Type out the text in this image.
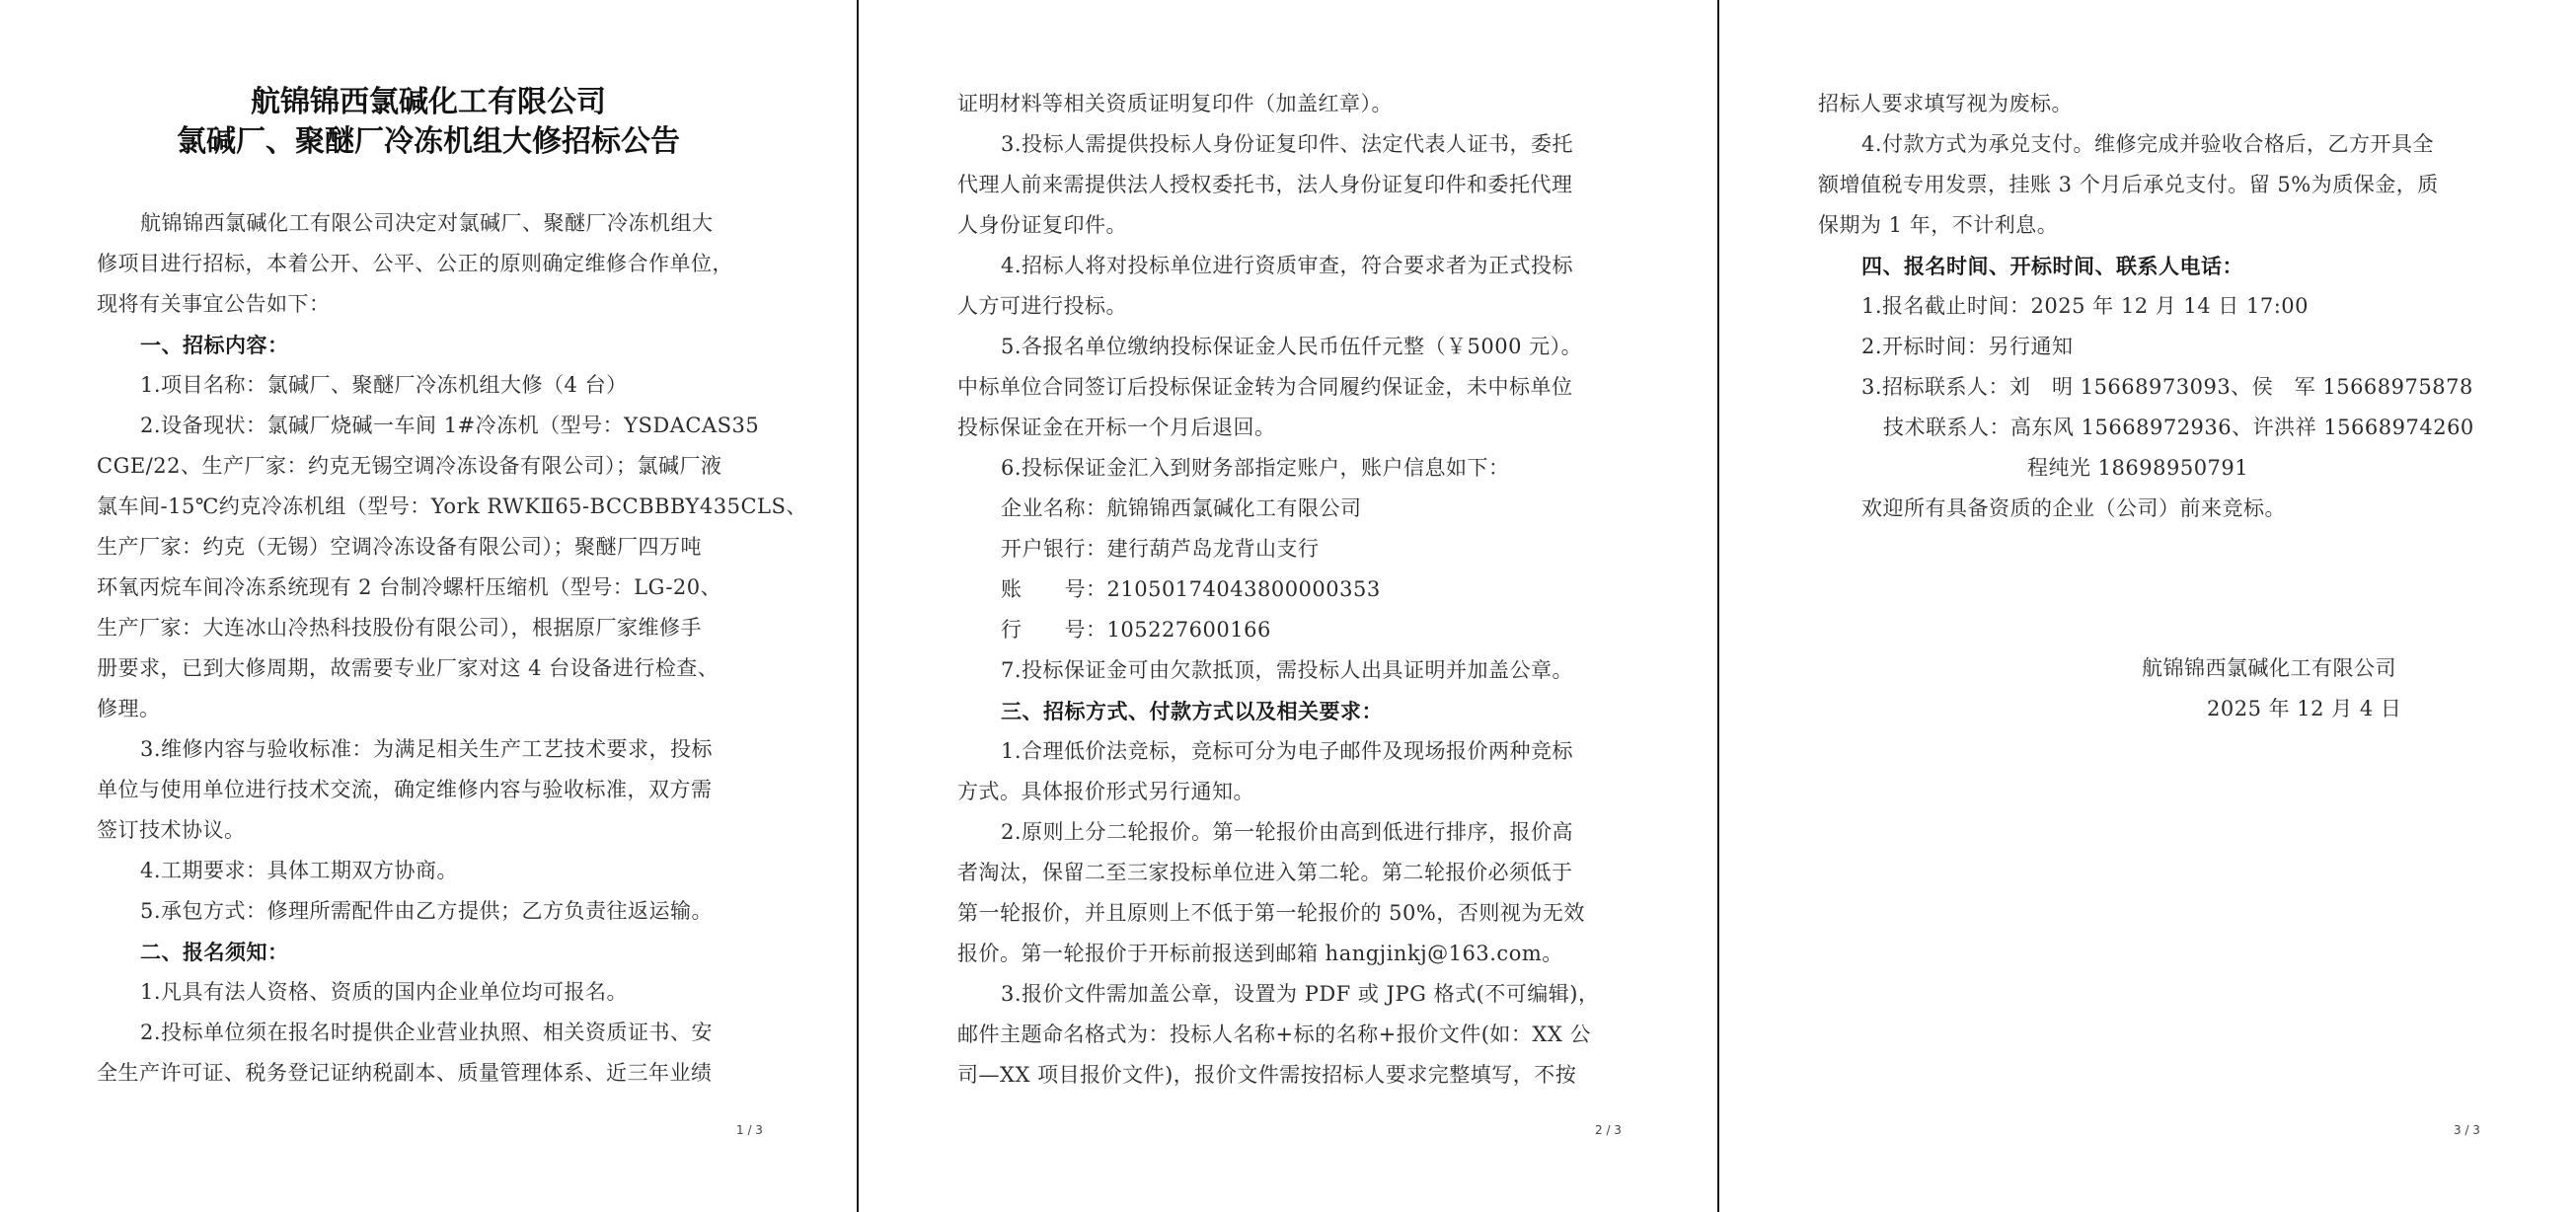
航锦锦西氯碱化工有限公司
氯碱厂、聚醚厂冷冻机组大修招标公告
航锦锦西氯碱化工有限公司决定对氯碱厂、聚醚厂冷冻机组大
修项目进行招标，本着公开、公平、公正的原则确定维修合作单位，
现将有关事宜公告如下：
一、招标内容：
1.项目名称：氯碱厂、聚醚厂冷冻机组大修（4 台）
2.设备现状：氯碱厂烧碱一车间 1#冷冻机（型号：YSDACAS35
CGE/22、生产厂家：约克无锡空调冷冻设备有限公司）；氯碱厂液
氯车间-15℃约克冷冻机组（型号：York RWKⅡ65-BCCBBBY435CLS、
生产厂家：约克（无锡）空调冷冻设备有限公司）；聚醚厂四万吨
环氧丙烷车间冷冻系统现有 2 台制冷螺杆压缩机（型号：LG-20、
生产厂家：大连冰山冷热科技股份有限公司），根据原厂家维修手
册要求，已到大修周期，故需要专业厂家对这 4 台设备进行检查、
修理。
3.维修内容与验收标准：为满足相关生产工艺技术要求，投标
单位与使用单位进行技术交流，确定维修内容与验收标准，双方需
签订技术协议。
4.工期要求：具体工期双方协商。
5.承包方式：修理所需配件由乙方提供；乙方负责往返运输。
二、报名须知：
1.凡具有法人资格、资质的国内企业单位均可报名。
2.投标单位须在报名时提供企业营业执照、相关资质证书、安
全生产许可证、税务登记证纳税副本、质量管理体系、近三年业绩
1 / 3
证明材料等相关资质证明复印件（加盖红章）。
3.投标人需提供投标人身份证复印件、法定代表人证书，委托
代理人前来需提供法人授权委托书，法人身份证复印件和委托代理
人身份证复印件。
4.招标人将对投标单位进行资质审查，符合要求者为正式投标
人方可进行投标。
5.各报名单位缴纳投标保证金人民币伍仟元整（￥5000 元）。
中标单位合同签订后投标保证金转为合同履约保证金，未中标单位
投标保证金在开标一个月后退回。
6.投标保证金汇入到财务部指定账户，账户信息如下：
企业名称：航锦锦西氯碱化工有限公司
开户银行：建行葫芦岛龙背山支行
账　　号：2105017404380000035‌3
行　　号：105227600166
7.投标保证金可由欠款抵顶，需投标人出具证明并加盖公章。
三、招标方式、付款方式以及相关要求：
1.合理低价法竞标，竞标可分为电子邮件及现场报价两种竞标
方式。具体报价形式另行通知。
2.原则上分二轮报价。第一轮报价由高到低进行排序，报价高
者淘汰，保留二至三家投标单位进入第二轮。第二轮报价必须低于
第一轮报价，并且原则上不低于第一轮报价的 50%，否则视为无效
报价。第一轮报价于开标前报送到邮箱 hangjinkj@163.com。
3.报价文件需加盖公章，设置为 PDF 或 JPG 格式(不可编辑)，
邮件主题命名格式为：投标人名称+标的名称+报价文件(如：XX 公
司—XX 项目报价文件)，报价文件需按招标人要求完整填写，不按
2 / 3
招标人要求填写视为废标。
4.付款方式为承兑支付。维修完成并验收合格后，乙方开具全
额增值税专用发票，挂账 3 个月后承兑支付。留 5%为质保金，质
保期为 1 年，不计利息。
四、报名时间、开标时间、联系人电话：
1.报名截止时间：2025 年 12 月 14 日 17:00
2.开标时间：另行通知
3.招标联系人：刘　明 15668973093、侯　军 15668975878
技术联系人：高东风 15668972936、许洪祥 15668974260
程纯光 18698950791
欢迎所有具备资质的企业（公司）前来竞标。
航锦锦西氯碱化工有限公司
2025 年 12 月 4 日
3 / 3
